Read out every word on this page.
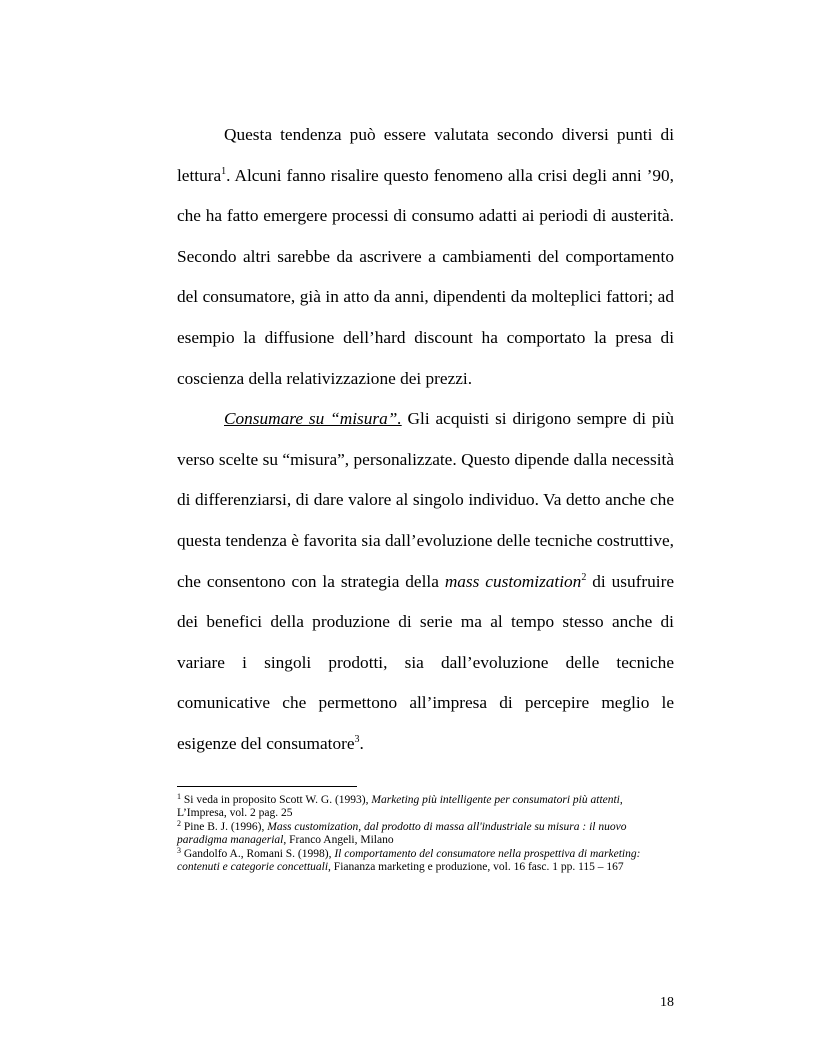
Questa tendenza può essere valutata secondo diversi punti di lettura$^1$. Alcuni fanno risalire questo fenomeno alla crisi degli anni ’90, che ha fatto emergere processi di consumo adatti ai periodi di austerità. Secondo altri sarebbe da ascrivere a cambiamenti del comportamento del consumatore, già in atto da anni, dipendenti da molteplici fattori; ad esempio la diffusione dell’hard discount ha comportato la presa di coscienza della relativizzazione dei prezzi.

Consumare su “misura”. Gli acquisti si dirigono sempre di più verso scelte su “misura”, personalizzate. Questo dipende dalla necessità di differenziarsi, di dare valore al singolo individuo. Va detto anche che questa tendenza è favorita sia dall’evoluzione delle tecniche costruttive, che consentono con la strategia della mass customization$^2$ di usufruire dei benefici della produzione di serie ma al tempo stesso anche di variare i singoli prodotti, sia dall’evoluzione delle tecniche comunicative che permettono all’impresa di percepire meglio le esigenze del consumatore$^3$.

$^1$ Si veda in proposito Scott W. G. (1993), Marketing più intelligente per consumatori più attenti, L’Impresa, vol. 2 pag. 25

$^2$ Pine B. J. (1996), Mass customization, dal prodotto di massa all'industriale su misura : il nuovo paradigma managerial, Franco Angeli, Milano

$^3$ Gandolfo A., Romani S. (1998), Il comportamento del consumatore nella prospettiva di marketing: contenuti e categorie concettuali, Fiananza marketing e produzione, vol. 16 fasc. 1 pp. 115 – 167

18
